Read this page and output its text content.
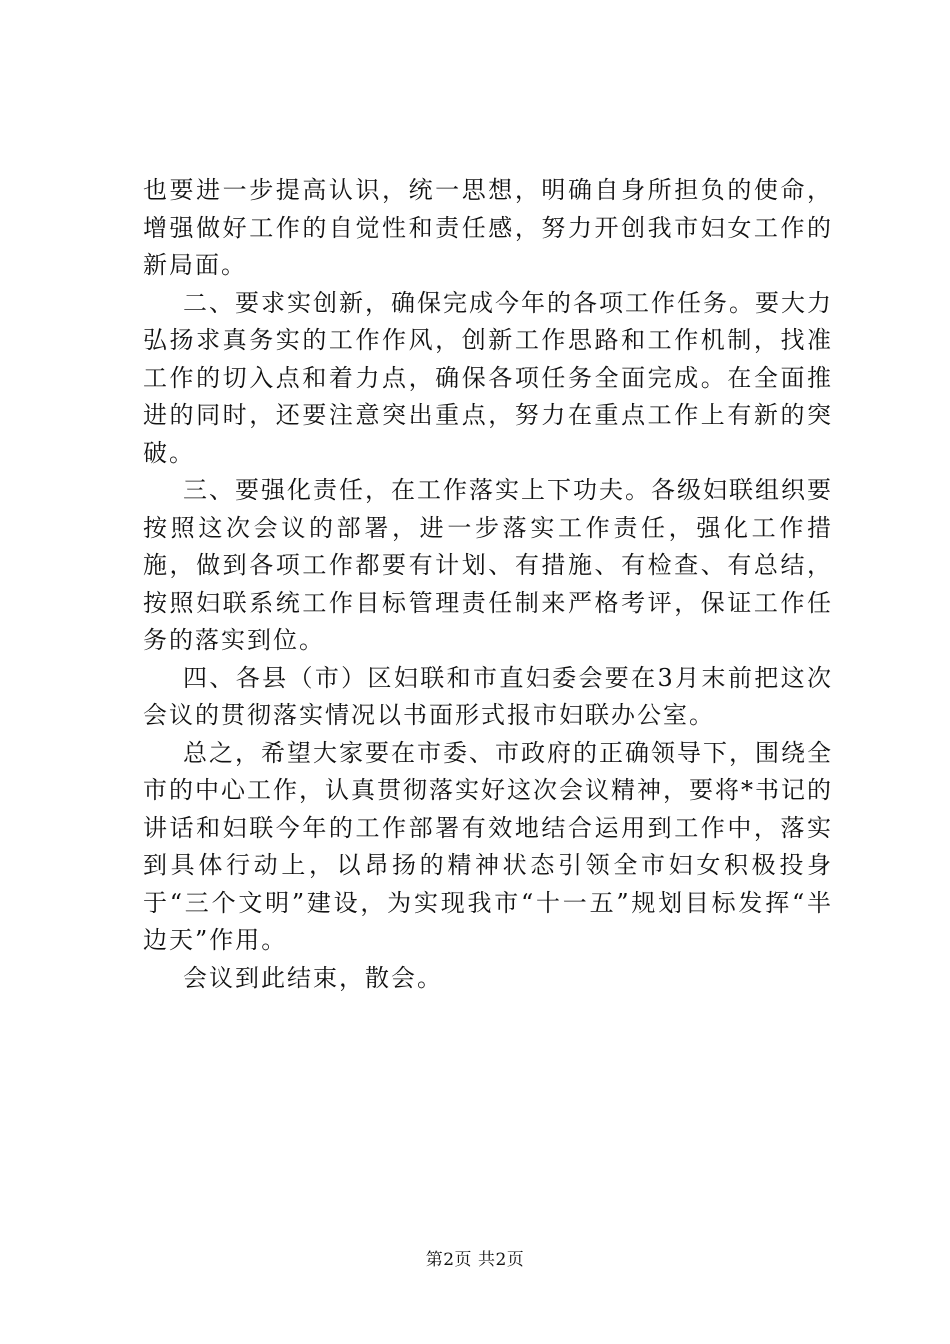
也要进一步提高认识，统一思想，明确自身所担负的使命，增强做好工作的自觉性和责任感，努力开创我市妇女工作的新局面。

二、要求实创新，确保完成今年的各项工作任务。要大力弘扬求真务实的工作作风，创新工作思路和工作机制，找准工作的切入点和着力点，确保各项任务全面完成。在全面推进的同时，还要注意突出重点，努力在重点工作上有新的突破。

三、要强化责任，在工作落实上下功夫。各级妇联组织要按照这次会议的部署，进一步落实工作责任，强化工作措施，做到各项工作都要有计划、有措施、有检查、有总结，按照妇联系统工作目标管理责任制来严格考评，保证工作任务的落实到位。

四、各县（市）区妇联和市直妇委会要在3月末前把这次会议的贯彻落实情况以书面形式报市妇联办公室。

总之，希望大家要在市委、市政府的正确领导下，围绕全市的中心工作，认真贯彻落实好这次会议精神，要将*书记的讲话和妇联今年的工作部署有效地结合运用到工作中，落实到具体行动上，以昂扬的精神状态引领全市妇女积极投身于“三个文明”建设，为实现我市“十一五”规划目标发挥“半边天”作用。

会议到此结束，散会。

第2页 共2页
